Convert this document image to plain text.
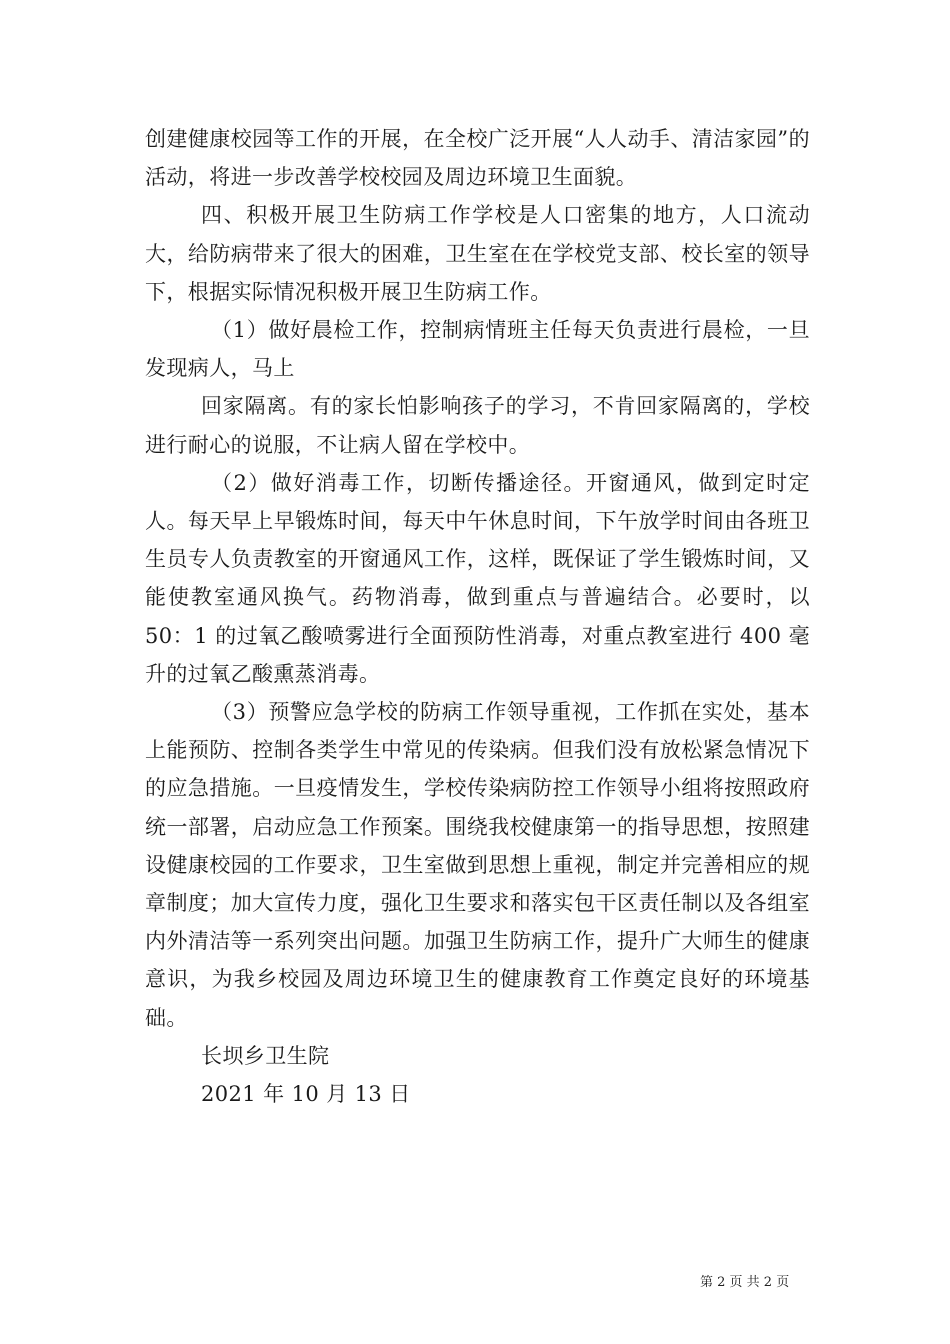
创建健康校园等工作的开展，在全校广泛开展“人人动手、清洁家园”的活动，将进一步改善学校校园及周边环境卫生面貌。

四、积极开展卫生防病工作学校是人口密集的地方，人口流动大，给防病带来了很大的困难，卫生室在在学校党支部、校长室的领导下，根据实际情况积极开展卫生防病工作。

（1）做好晨检工作，控制病情班主任每天负责进行晨检，一旦发现病人，马上

回家隔离。有的家长怕影响孩子的学习，不肯回家隔离的，学校进行耐心的说服，不让病人留在学校中。

（2）做好消毒工作，切断传播途径。开窗通风，做到定时定人。每天早上早锻炼时间，每天中午休息时间，下午放学时间由各班卫生员专人负责教室的开窗通风工作，这样，既保证了学生锻炼时间，又能使教室通风换气。药物消毒，做到重点与普遍结合。必要时，以 50：1 的过氧乙酸喷雾进行全面预防性消毒，对重点教室进行 400 毫升的过氧乙酸熏蒸消毒。

（3）预警应急学校的防病工作领导重视，工作抓在实处，基本上能预防、控制各类学生中常见的传染病。但我们没有放松紧急情况下的应急措施。一旦疫情发生，学校传染病防控工作领导小组将按照政府统一部署，启动应急工作预案。围绕我校健康第一的指导思想，按照建设健康校园的工作要求，卫生室做到思想上重视，制定并完善相应的规章制度；加大宣传力度，强化卫生要求和落实包干区责任制以及各组室内外清洁等一系列突出问题。加强卫生防病工作，提升广大师生的健康意识，为我乡校园及周边环境卫生的健康教育工作奠定良好的环境基础。

长坝乡卫生院

2021 年 10 月 13 日

第 2 页 共 2 页
